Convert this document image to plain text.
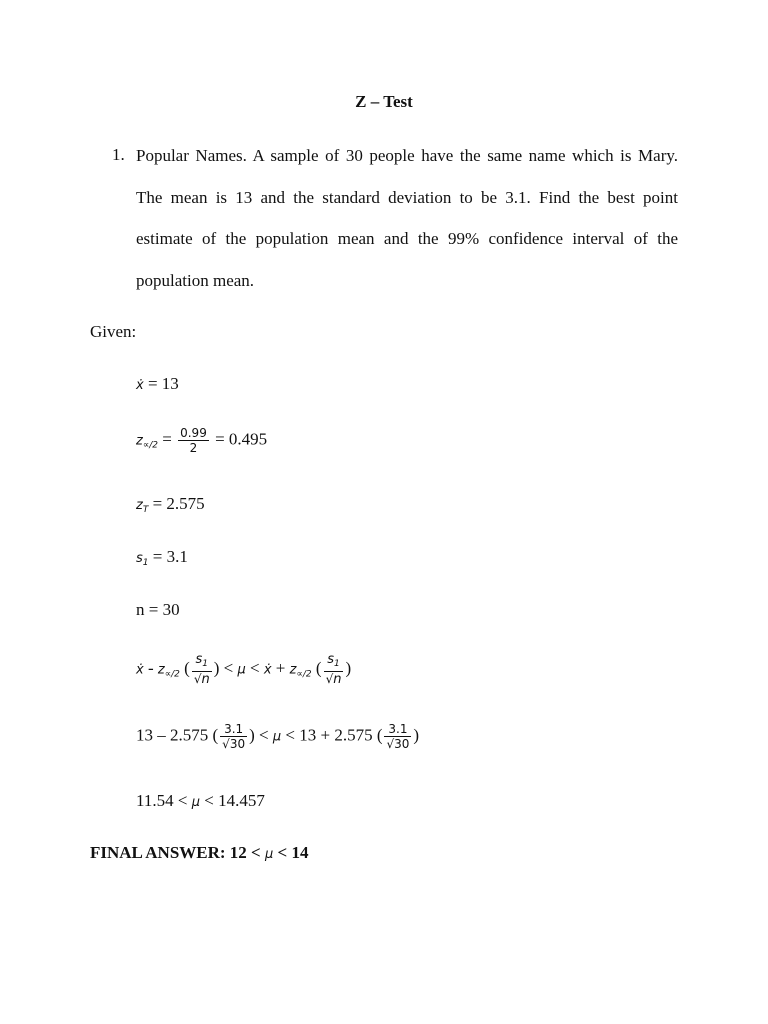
Z – Test
1. Popular Names. A sample of 30 people have the same name which is Mary. The mean is 13 and the standard deviation to be 3.1. Find the best point estimate of the population mean and the 99% confidence interval of the population mean.
Given:
ẋ = 13
$z_{\propto/2} = \frac{0.99}{2} = 0.495$
$z_T = 2.575$
$s_1 = 3.1$
n = 30
ẋ - $z_{\propto/2}$ ( $\frac{s_1}{√n}$ ) < μ < ẋ + $z_{\propto/2}$ ( $\frac{s_1}{√n}$ )
13 – 2.575 ( $\frac{3.1}{√30}$ ) < μ < 13 + 2.575 ( $\frac{3.1}{√30}$ )
11.54 < μ < 14.457
FINAL ANSWER: 12 < μ < 14
